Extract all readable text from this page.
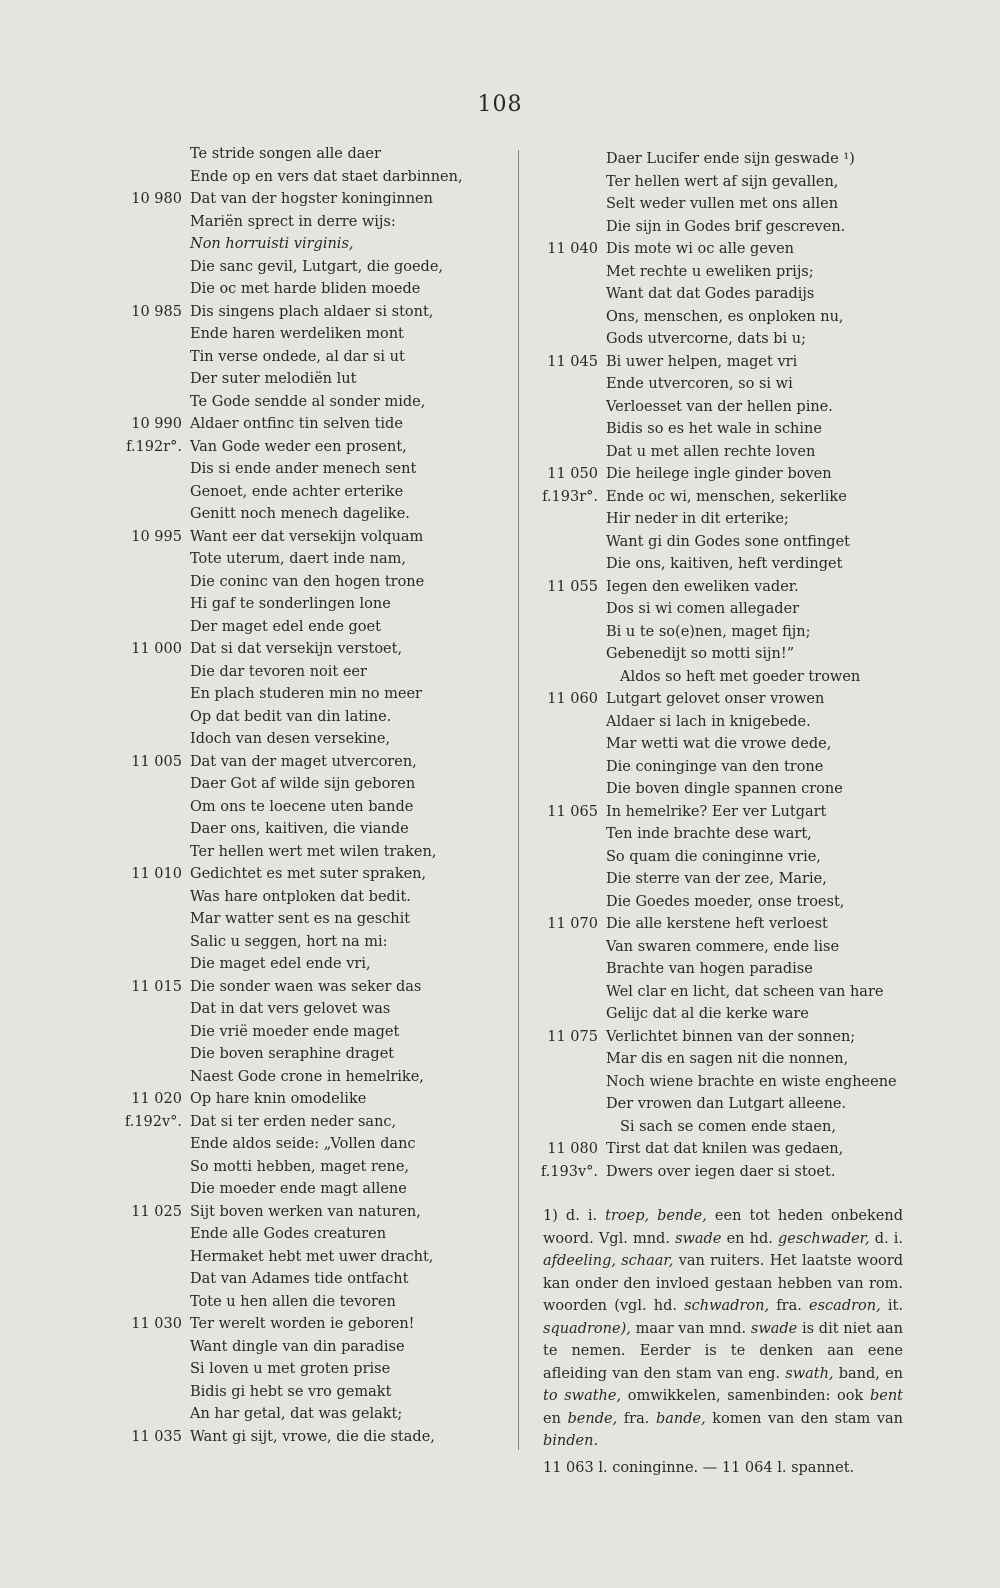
108
Te stride songen alle daer
Ende op en vers dat staet darbinnen,
10 980 Dat van der hogster koninginnen
Mariën sprect in derre wijs:
Non horruisti virginis,
Die sanc gevil, Lutgart, die goede,
Die oc met harde bliden moede
10 985 Dis singens plach aldaer si stont,
Ende haren werdeliken mont
Tin verse ondede, al dar si ut
Der suter melodiën lut
Te Gode sendde al sonder mide,
10 990 Aldaer ontfinc tin selven tide
f.192r°. Van Gode weder een prosent,
Dis si ende ander menech sent
Genoet, ende achter erterike
Genitt noch menech dagelike.
10 995 Want eer dat versekijn volquam
Tote uterum, daert inde nam,
Die coninc van den hogen trone
Hi gaf te sonderlingen lone
Der maget edel ende goet
11 000 Dat si dat versekijn verstoet,
Die dar tevoren noit eer
En plach studeren min no meer
Op dat bedit van din latine.
Idoch van desen versekine,
11 005 Dat van der maget utvercoren,
Daer Got af wilde sijn geboren
Om ons te loecene uten bande
Daer ons, kaitiven, die viande
Ter hellen wert met wilen traken,
11 010 Gedichtet es met suter spraken,
Was hare ontploken dat bedit.
Mar watter sent es na geschit
Salic u seggen, hort na mi:
Die maget edel ende vri,
11 015 Die sonder waen was seker das
Dat in dat vers gelovet was
Die vriё moeder ende maget
Die boven seraphine draget
Naest Gode crone in hemelrike,
11 020 Op hare knin omodelike
f.192v°. Dat si ter erden neder sanc,
Ende aldos seide: „Vollen danc
So motti hebben, maget rene,
Die moeder ende magt allene
11 025 Sijt boven werken van naturen,
Ende alle Godes creaturen
Hermaket hebt met uwer dracht,
Dat van Adames tide ontfacht
Tote u hen allen die tevoren
11 030 Ter werelt worden ie geboren!
Want dingle van din paradise
Si loven u met groten prise
Bidis gi hebt se vro gemakt
An har getal, dat was gelakt;
11 035 Want gi sijt, vrowe, die die stade,
Daer Lucifer ende sijn geswade ¹)
Ter hellen wert af sijn gevallen,
Selt weder vullen met ons allen
Die sijn in Godes brif gescreven.
11 040 Dis mote wi oc alle geven
Met rechte u eweliken prijs;
Want dat dat Godes paradijs
Ons, menschen, es onploken nu,
Gods utvercorne, dats bi u;
11 045 Bi uwer helpen, maget vri
Ende utvercoren, so si wi
Verloesset van der hellen pine.
Bidis so es het wale in schine
Dat u met allen rechte loven
11 050 Die heilege ingle ginder boven
f.193r°. Ende oc wi, menschen, sekerlike
Hir neder in dit erterike;
Want gi din Godes sone ontfinget
Die ons, kaitiven, heft verdinget
11 055 Iegen den eweliken vader.
Dos si wi comen allegader
Bi u te so(e)nen, maget fijn;
Gebenedijt so motti sijn!”
Aldos so heft met goeder trowen
11 060 Lutgart gelovet onser vrowen
Aldaer si lach in knigebede.
Mar wetti wat die vrowe dede,
Die coninginge van den trone
Die boven dingle spannen crone
11 065 In hemelrike? Eer ver Lutgart
Ten inde brachte dese wart,
So quam die coninginne vrie,
Die sterre van der zee, Marie,
Die Goedes moeder, onse troest,
11 070 Die alle kerstene heft verloest
Van swaren commere, ende lise
Brachte van hogen paradise
Wel clar en licht, dat scheen van hare
Gelijc dat al die kerke ware
11 075 Verlichtet binnen van der sonnen;
Mar dis en sagen nit die nonnen,
Noch wiene brachte en wiste engheene
Der vrowen dan Lutgart alleene.
Si sach se comen ende staen,
11 080 Tirst dat dat knilen was gedaen,
f.193v°. Dwers over iegen daer si stoet.

1) d. i. troep, bende, een tot heden onbekend woord. Vgl. mnd. swade en hd. geschwader, d. i. afdeeling, schaar, van ruiters. Het laatste woord kan onder den invloed gestaan hebben van rom. woorden (vgl. hd. schwadron, fra. escadron, it. squadrone), maar van mnd. swade is dit niet aan te nemen. Eerder is te denken aan eene afleiding van den stam van eng. swath, band, en to swathe, omwikkelen, samenbinden: ook bent en bende, fra. bande, komen van den stam van binden.

11 063 l. coninginne. — 11 064 l. spannet.
